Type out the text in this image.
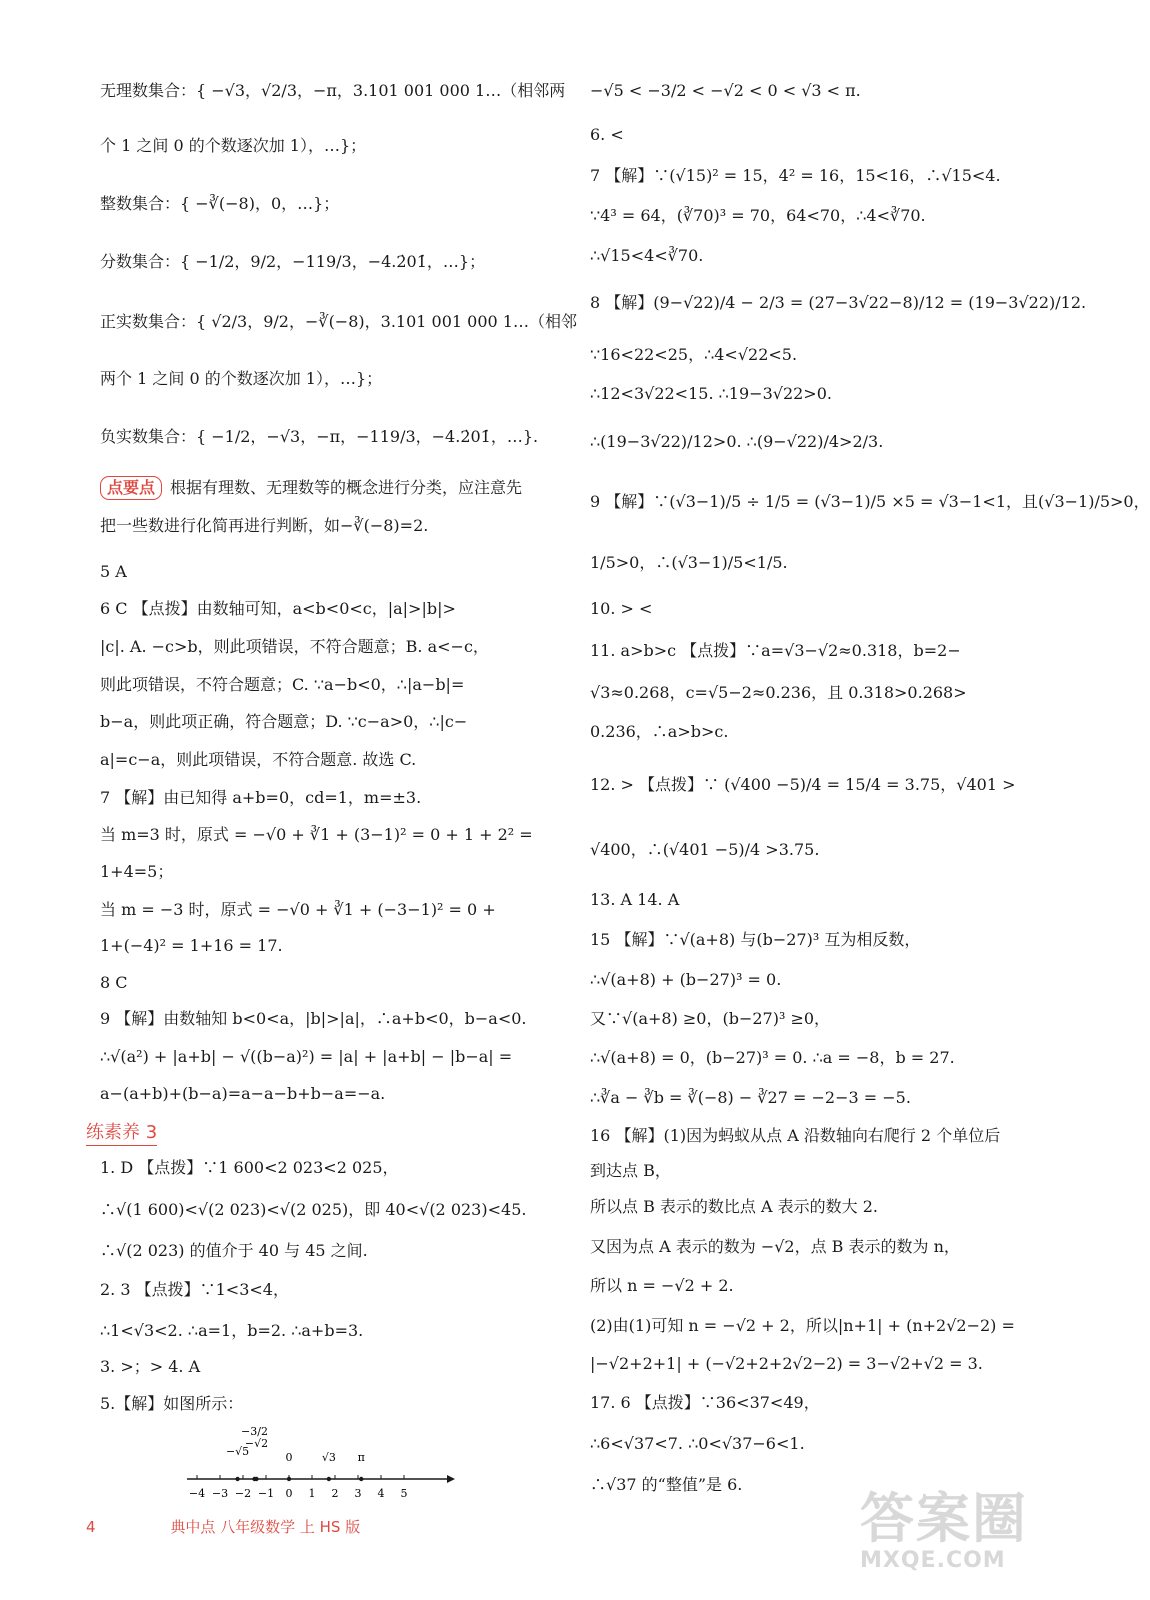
无理数集合：{ −√3，√2/3，−π，3.101 001 000 1…（相邻两
个 1 之间 0 的个数逐次加 1），…}；
整数集合：{ −∛(−8)，0，…}；
分数集合：{ −1/2，9/2，−119/3，−4.2̇01̇，…}；
正实数集合：{ √2/3，9/2，−∛(−8)，3.101 001 000 1…（相邻
两个 1 之间 0 的个数逐次加 1），…}；
负实数集合：{ −1/2，−√3，−π，−119/3，−4.2̇01̇，…}.
点要点 根据有理数、无理数等的概念进行分类，应注意先
把一些数进行化简再进行判断，如−∛(−8)=2.
5 A
6 C 【点拨】由数轴可知，a<b<0<c，|a|>|b|>
|c|. A. −c>b，则此项错误，不符合题意；B. a<−c，
则此项错误，不符合题意；C. ∵a−b<0，∴|a−b|=
b−a，则此项正确，符合题意；D. ∵c−a>0，∴|c−
a|=c−a，则此项错误，不符合题意. 故选 C.
7 【解】由已知得 a+b=0，cd=1，m=±3.
当 m=3 时，原式 = −√0 + ∛1 + (3−1)² = 0 + 1 + 2² =
1+4=5；
当 m = −3 时，原式 = −√0 + ∛1 + (−3−1)² = 0 +
1+(−4)² = 1+16 = 17.
8 C
9 【解】由数轴知 b<0<a，|b|>|a|，∴a+b<0，b−a<0.
∴√(a²) + |a+b| − √((b−a)²) = |a| + |a+b| − |b−a| =
a−(a+b)+(b−a)=a−a−b+b−a=−a.
1. D 【点拨】∵1 600<2 023<2 025，
∴√(1 600)<√(2 023)<√(2 025)，即 40<√(2 023)<45.
∴√(2 023) 的值介于 40 与 45 之间.
2. 3 【点拨】∵1<3<4，
∴1<√3<2. ∴a=1，b=2. ∴a+b=3.
3. >；> 4. A
5.【解】如图所示：
−√5 < −3/2 < −√2 < 0 < √3 < π.
6. <
7 【解】∵(√15)² = 15，4² = 16，15<16，∴√15<4.
∵4³ = 64，(∛70)³ = 70，64<70，∴4<∛70.
∴√15<4<∛70.
8 【解】(9−√22)/4 − 2/3 = (27−3√22−8)/12 = (19−3√22)/12.
∵16<22<25，∴4<√22<5.
∴12<3√22<15. ∴19−3√22>0.
∴(19−3√22)/12>0. ∴(9−√22)/4>2/3.
9 【解】∵(√3−1)/5 ÷ 1/5 = (√3−1)/5 ×5 = √3−1<1，且(√3−1)/5>0，
1/5>0，∴(√3−1)/5<1/5.
10. > <
11. a>b>c 【点拨】∵a=√3−√2≈0.318，b=2−
√3≈0.268，c=√5−2≈0.236，且 0.318>0.268>
0.236，∴a>b>c.
12. > 【点拨】∵ (√400 −5)/4 = 15/4 = 3.75，√401 >
√400，∴(√401 −5)/4 >3.75.
13. A 14. A
15 【解】∵√(a+8) 与(b−27)³ 互为相反数，
∴√(a+8) + (b−27)³ = 0.
又∵√(a+8) ≥0，(b−27)³ ≥0，
∴√(a+8) = 0，(b−27)³ = 0. ∴a = −8，b = 27.
∴∛a − ∛b = ∛(−8) − ∛27 = −2−3 = −5.
16 【解】(1)因为蚂蚁从点 A 沿数轴向右爬行 2 个单位后
到达点 B，
所以点 B 表示的数比点 A 表示的数大 2.
又因为点 A 表示的数为 −√2，点 B 表示的数为 n，
所以 n = −√2 + 2.
(2)由(1)可知 n = −√2 + 2，所以|n+1| + (n+2√2−2) =
|−√2+2+1| + (−√2+2+2√2−2) = 3−√2+√2 = 3.
17. 6 【点拨】∵36<37<49，
∴6<√37<7. ∴0<√37−6<1.
∴√37 的“整值”是 6.
练素养 3
−4 −3 −2 −1 0 1 2 3 4 5
−√5
−3/2
−√2
0	√3 π
4	典中点 八年级数学 上 HS 版	答案圈
MXQE.COM
